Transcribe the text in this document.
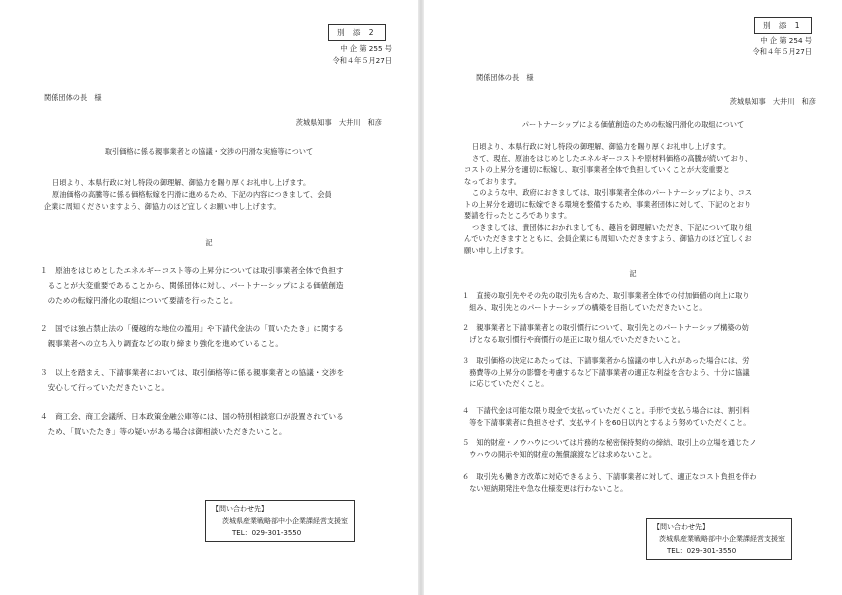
別 添 2
中 企 第 255 号
令和４年５月27日
関係団体の長　様
茨城県知事　大井川　和彦
取引価格に係る親事業者との協議・交渉の円滑な実施等について
日頃より、本県行政に対し特段の御理解、御協力を賜り厚くお礼申し上げます。
原油価格の高騰等に係る価格転嫁を円滑に進めるため、下記の内容につきまして、会員
企業に周知くださいますよう、御協力のほど宜しくお願い申し上げます。
記
１　原油をはじめとしたエネルギーコスト等の上昇分については取引事業者全体で負担す
　ることが大変重要であることから、関係団体に対し、パートナーシップによる価値創造
　のための転嫁円滑化の取組について要請を行ったこと。
２　国では独占禁止法の「優越的な地位の濫用」や下請代金法の「買いたたき」に関する
　親事業者への立ち入り調査などの取り締まり強化を進めていること。
３　以上を踏まえ、下請事業者においては、取引価格等に係る親事業者との協議・交渉を
　安心して行っていただきたいこと。
４　商工会、商工会議所、日本政策金融公庫等には、国の特別相談窓口が設置されている
　ため、「買いたたき」等の疑いがある場合は御相談いただきたいこと。
【問い合わせ先】
茨城県産業戦略部中小企業課経営支援室
TEL：029-301-3550
別 添 1
中 企 第 254 号
令和４年５月27日
関係団体の長　様
茨城県知事　大井川　和彦
パートナーシップによる価値創造のための転嫁円滑化の取組について
日頃より、本県行政に対し特段の御理解、御協力を賜り厚くお礼申し上げます。
さて、現在、原油をはじめとしたエネルギーコストや原材料価格の高騰が続いており、
コストの上昇分を適切に転嫁し、取引事業者全体で負担していくことが大変重要と
なっております。
このような中、政府におきましては、取引事業者全体のパートナーシップにより、コス
トの上昇分を適切に転嫁できる環境を整備するため、事業者団体に対して、下記のとおり
要請を行ったところであります。
つきましては、貴団体におかれましても、趣旨を御理解いただき、下記について取り組
んでいただきますとともに、会員企業にも周知いただきますよう、御協力のほど宜しくお
願い申し上げます。
記
１　直接の取引先やその先の取引先も含めた、取引事業者全体での付加価値の向上に取り
　組み、取引先とのパートナーシップの構築を目指していただきたいこと。
２　親事業者と下請事業者との取引慣行について、取引先とのパートナーシップ構築の妨
　げとなる取引慣行や商慣行の是正に取り組んでいただきたいこと。
３　取引価格の決定にあたっては、下請事業者から協議の申し入れがあった場合には、労
　務費等の上昇分の影響を考慮するなど下請事業者の適正な利益を含むよう、十分に協議
　に応じていただくこと。
４　下請代金は可能な限り現金で支払っていただくこと。手形で支払う場合には、割引料
　等を下請事業者に負担させず、支払サイトを60日以内とするよう努めていただくこと。
５　知的財産・ノウハウについては片務的な秘密保持契約の締結、取引上の立場を通じたノ
　ウハウの開示や知的財産の無償譲渡などは求めないこと。
６　取引先も働き方改革に対応できるよう、下請事業者に対して、適正なコスト負担を伴わ
　ない短納期発注や急な仕様変更は行わないこと。
【問い合わせ先】
茨城県産業戦略部中小企業課経営支援室
TEL：029-301-3550
